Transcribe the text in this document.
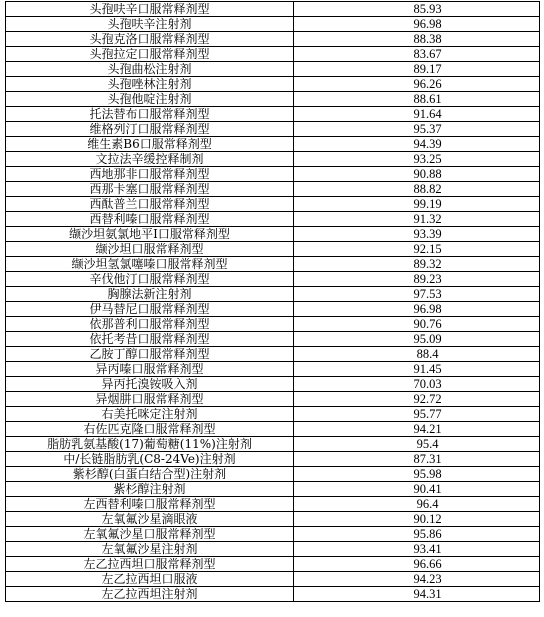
头孢呋辛口服常释剂型	85.93
头孢呋辛注射剂	96.98
头孢克洛口服常释剂型	88.38
头孢拉定口服常释剂型	83.67
头孢曲松注射剂	89.17
头孢唑林注射剂	96.26
头孢他啶注射剂	88.61
托法替布口服常释剂型	91.64
维格列汀口服常释剂型	95.37
维生素B6口服常释剂型	94.39
文拉法辛缓控释制剂	93.25
西地那非口服常释剂型	90.88
西那卡塞口服常释剂型	88.82
西酞普兰口服常释剂型	99.19
西替利嗪口服常释剂型	91.32
缬沙坦氨氯地平Ⅰ口服常释剂型	93.39
缬沙坦口服常释剂型	92.15
缬沙坦氢氯噻嗪口服常释剂型	89.32
辛伐他汀口服常释剂型	89.23
胸腺法新注射剂	97.53
伊马替尼口服常释剂型	96.98
依那普利口服常释剂型	90.76
依托考昔口服常释剂型	95.09
乙胺丁醇口服常释剂型	88.4
异丙嗪口服常释剂型	91.45
异丙托溴铵吸入剂	70.03
异烟肼口服常释剂型	92.72
右美托咪定注射剂	95.77
右佐匹克隆口服常释剂型	94.21
脂肪乳氨基酸(17)葡萄糖(11%)注射剂	95.4
中/长链脂肪乳(C8-24Ve)注射剂	87.31
紫杉醇(白蛋白结合型)注射剂	95.98
紫杉醇注射剂	90.41
左西替利嗪口服常释剂型	96.4
左氧氟沙星滴眼液	90.12
左氧氟沙星口服常释剂型	95.86
左氧氟沙星注射剂	93.41
左乙拉西坦口服常释剂型	96.66
左乙拉西坦口服液	94.23
左乙拉西坦注射剂	94.31
